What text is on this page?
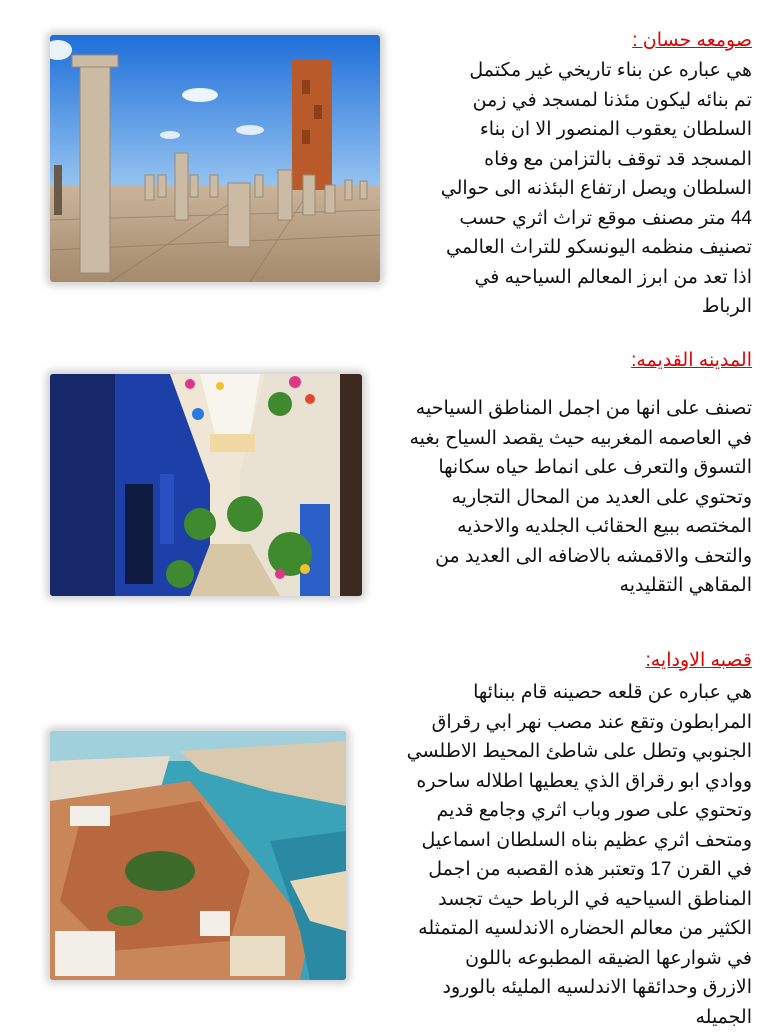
صومعه حسان :

هي عباره عن بناء تاريخي غير مكتمل
تم بنائه ليكون مئذنا لمسجد في زمن
السلطان يعقوب المنصور الا ان بناء
المسجد قد توقف بالتزامن مع وفاه
السلطان ويصل ارتفاع البئذنه الى حوالي
44 متر مصنف موقع تراث اثري حسب
تصنيف منظمه اليونسكو للتراث العالمي
اذا تعد من ابرز المعالم السياحيه في
الرباط

المدينه القديمه:

تصنف على انها من اجمل المناطق السياحيه
في العاصمه المغربيه حيث يقصد السياح بغيه
التسوق والتعرف على انماط حياه سكانها
وتحتوي على العديد من المحال التجاريه
المختصه ببيع الحقائب الجلديه والاحذيه
والتحف والاقمشه بالاضافه الى العديد من
المقاهي التقليديه

قصبه الاودايه:

هي عباره عن قلعه حصينه قام ببنائها
المرابطون وتقع عند مصب نهر ابي رقراق
الجنوبي وتطل على شاطئ المحيط الاطلسي
ووادي ابو رقراق الذي يعطيها اطلاله ساحره
وتحتوي على صور وباب اثري وجامع قديم
ومتحف اثري عظيم بناه السلطان اسماعيل
في القرن 17 وتعتبر هذه القصبه من اجمل
المناطق السياحيه في الرباط حيث تجسد
الكثير من معالم الحضاره الاندلسيه المتمثله
في شوارعها الضيقه المطبوعه باللون
الازرق وحدائقها الاندلسيه المليئه بالورود
الجميله
